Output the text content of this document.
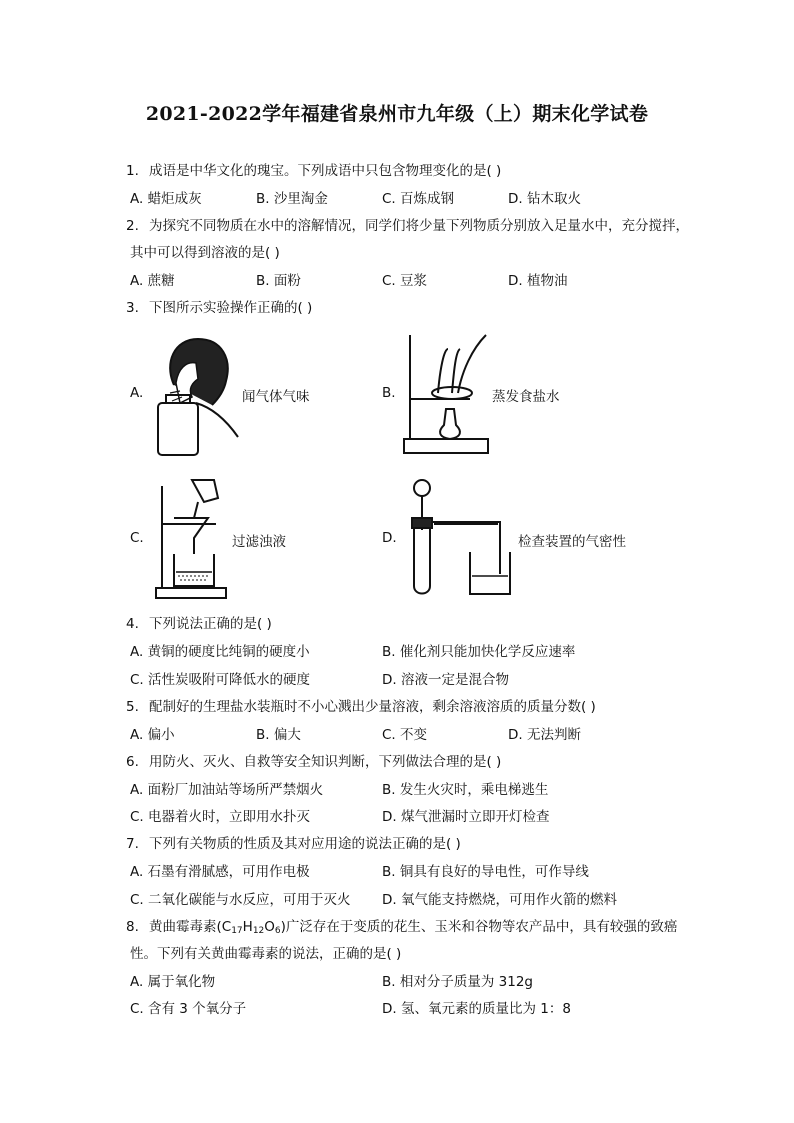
2021-2022学年福建省泉州市九年级（上）期末化学试卷
1. 成语是中华文化的瑰宝。下列成语中只包含物理变化的是( )
A. 蜡炬成灰	B. 沙里淘金	C. 百炼成钢	D. 钻木取火
2. 为探究不同物质在水中的溶解情况，同学们将少量下列物质分别放入足量水中，充分搅拌，
其中可以得到溶液的是( )
A. 蔗糖	B. 面粉	C. 豆浆	D. 植物油
3. 下图所示实验操作正确的( )
A.	闻气体气味	B.	蒸发食盐水
C.	过滤浊液	D.	检查装置的气密性
4. 下列说法正确的是( )
A. 黄铜的硬度比纯铜的硬度小	B. 催化剂只能加快化学反应速率
C. 活性炭吸附可降低水的硬度	D. 溶液一定是混合物
5. 配制好的生理盐水装瓶时不小心溅出少量溶液，剩余溶液溶质的质量分数( )
A. 偏小	B. 偏大	C. 不变	D. 无法判断
6. 用防火、灭火、自救等安全知识判断，下列做法合理的是( )
A. 面粉厂加油站等场所严禁烟火	B. 发生火灾时，乘电梯逃生
C. 电器着火时，立即用水扑灭	D. 煤气泄漏时立即开灯检查
7. 下列有关物质的性质及其对应用途的说法正确的是( )
A. 石墨有滑腻感，可用作电极	B. 铜具有良好的导电性，可作导线
C. 二氧化碳能与水反应，可用于灭火 D. 氧气能支持燃烧，可用作火箭的燃料
8. 黄曲霉毒素$(C_{17}H_{12}O_6)$广泛存在于变质的花生、玉米和谷物等农产品中，具有较强的致癌
性。下列有关黄曲霉毒素的说法，正确的是( )
A. 属于氧化物	B. 相对分子质量为 312g
C. 含有 3 个氧分子	D. 氢、氧元素的质量比为 1：8
